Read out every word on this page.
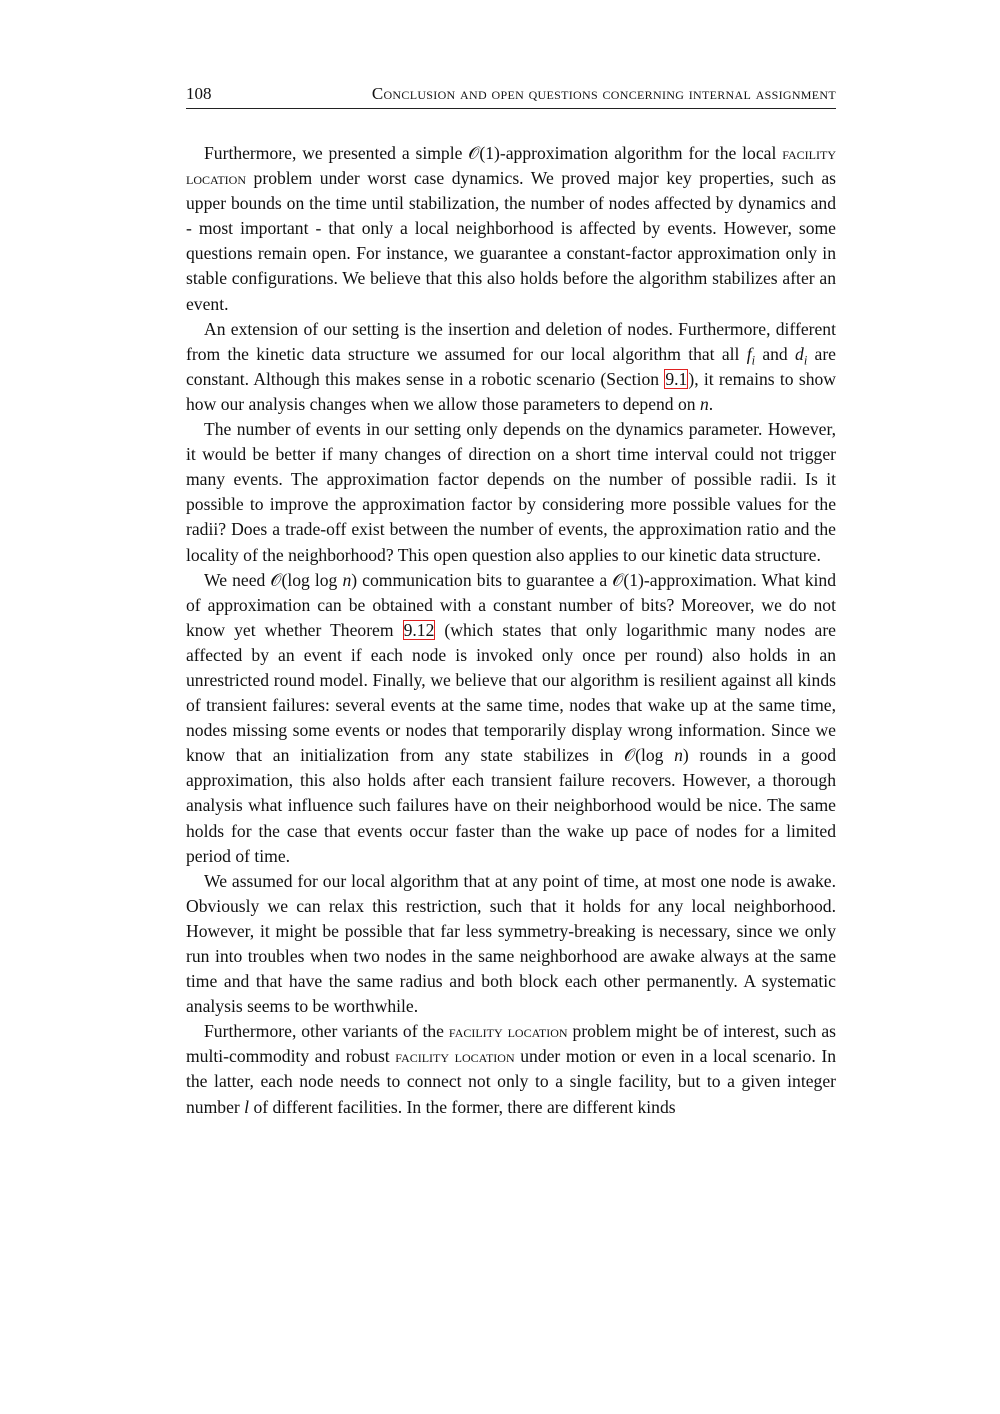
108	Conclusion and open questions concerning internal assignment

Furthermore, we presented a simple 𝒪(1)-approximation algorithm for the local facility location problem under worst case dynamics. We proved major key properties, such as upper bounds on the time until stabilization, the number of nodes affected by dynamics and - most important - that only a local neighborhood is affected by events. However, some questions remain open. For instance, we guarantee a constant-factor approximation only in stable configurations. We believe that this also holds before the algorithm stabilizes after an event.

An extension of our setting is the insertion and deletion of nodes. Furthermore, different from the kinetic data structure we assumed for our local algorithm that all $f_i$ and $d_i$ are constant. Although this makes sense in a robotic scenario (Section 9.1), it remains to show how our analysis changes when we allow those parameters to depend on n.

The number of events in our setting only depends on the dynamics parameter. However, it would be better if many changes of direction on a short time interval could not trigger many events. The approximation factor depends on the number of possible radii. Is it possible to improve the approximation factor by considering more possible values for the radii? Does a trade-off exist between the number of events, the approximation ratio and the locality of the neighborhood? This open question also applies to our kinetic data structure.

We need 𝒪(log log n) communication bits to guarantee a 𝒪(1)-approximation. What kind of approximation can be obtained with a constant number of bits? Moreover, we do not know yet whether Theorem 9.12 (which states that only logarithmic many nodes are affected by an event if each node is invoked only once per round) also holds in an unrestricted round model. Finally, we believe that our algorithm is resilient against all kinds of transient failures: several events at the same time, nodes that wake up at the same time, nodes missing some events or nodes that temporarily display wrong information. Since we know that an initialization from any state stabilizes in 𝒪(log n) rounds in a good approximation, this also holds after each transient failure recovers. However, a thorough analysis what influence such failures have on their neighborhood would be nice. The same holds for the case that events occur faster than the wake up pace of nodes for a limited period of time.

We assumed for our local algorithm that at any point of time, at most one node is awake. Obviously we can relax this restriction, such that it holds for any local neighborhood. However, it might be possible that far less symmetry-breaking is necessary, since we only run into troubles when two nodes in the same neighborhood are awake always at the same time and that have the same radius and both block each other permanently. A systematic analysis seems to be worthwhile.

Furthermore, other variants of the facility location problem might be of interest, such as multi-commodity and robust facility location under motion or even in a local scenario. In the latter, each node needs to connect not only to a single facility, but to a given integer number l of different facilities. In the former, there are different kinds
